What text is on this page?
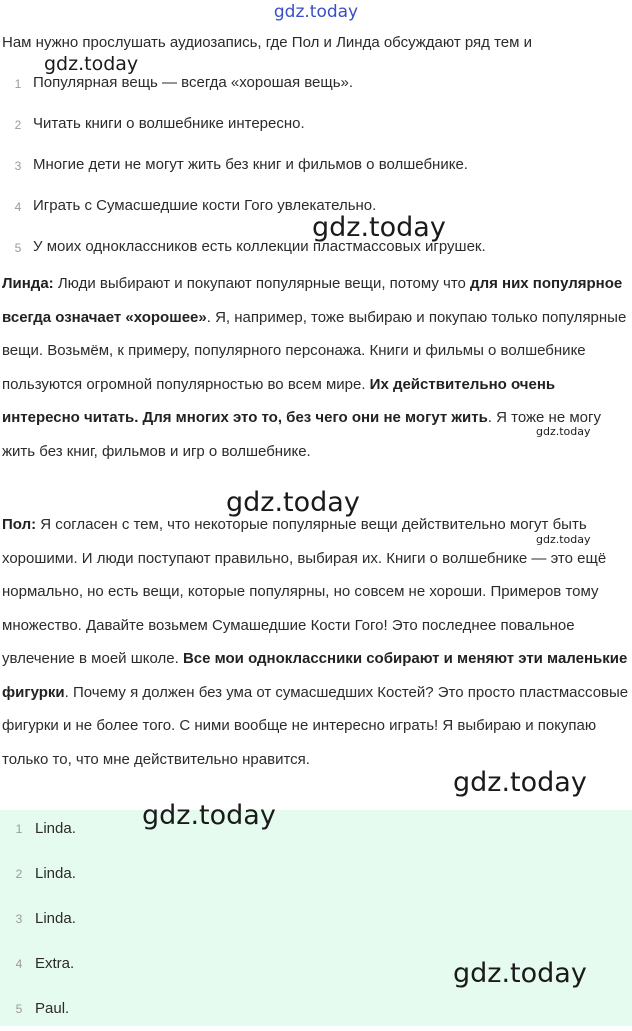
gdz.today
Нам нужно прослушать аудиозапись, где Пол и Линда обсуждают ряд тем и
1 Популярная вещь — всегда «хорошая вещь».
2 Читать книги о волшебнике интересно.
3 Многие дети не могут жить без книг и фильмов о волшебнике.
4 Играть с Сумасшедшие кости Гого увлекательно.
5 У моих одноклассников есть коллекции пластмассовых игрушек.

Линда: Люди выбирают и покупают популярные вещи, потому что для них популярное всегда означает «хорошее». Я, например, тоже выбираю и покупаю только популярные вещи. Возьмём, к примеру, популярного персонажа. Книги и фильмы о волшебнике пользуются огромной популярностью во всем мире. Их действительно очень интересно читать. Для многих это то, без чего они не могут жить. Я тоже не могу жить без книг, фильмов и игр о волшебнике.

Пол: Я согласен с тем, что некоторые популярные вещи действительно могут быть хорошими. И люди поступают правильно, выбирая их. Книги о волшебнике — это ещё нормально, но есть вещи, которые популярны, но совсем не хороши. Примеров тому множество. Давайте возьмем Сумашедшие Кости Гого! Это последнее повальное увлечение в моей школе. Все мои одноклассники собирают и меняют эти маленькие фигурки. Почему я должен без ума от сумасшедших Костей? Это просто пластмассовые фигурки и не более того. С ними вообще не интересно играть! Я выбираю и покупаю только то, что мне действительно нравится.

1 Linda.
2 Linda.
3 Linda.
4 Extra.
5 Paul.
gdz.today
gdz.today
gdz.today
gdz.today
gdz.today
gdz.today
gdz.today
gdz.today
